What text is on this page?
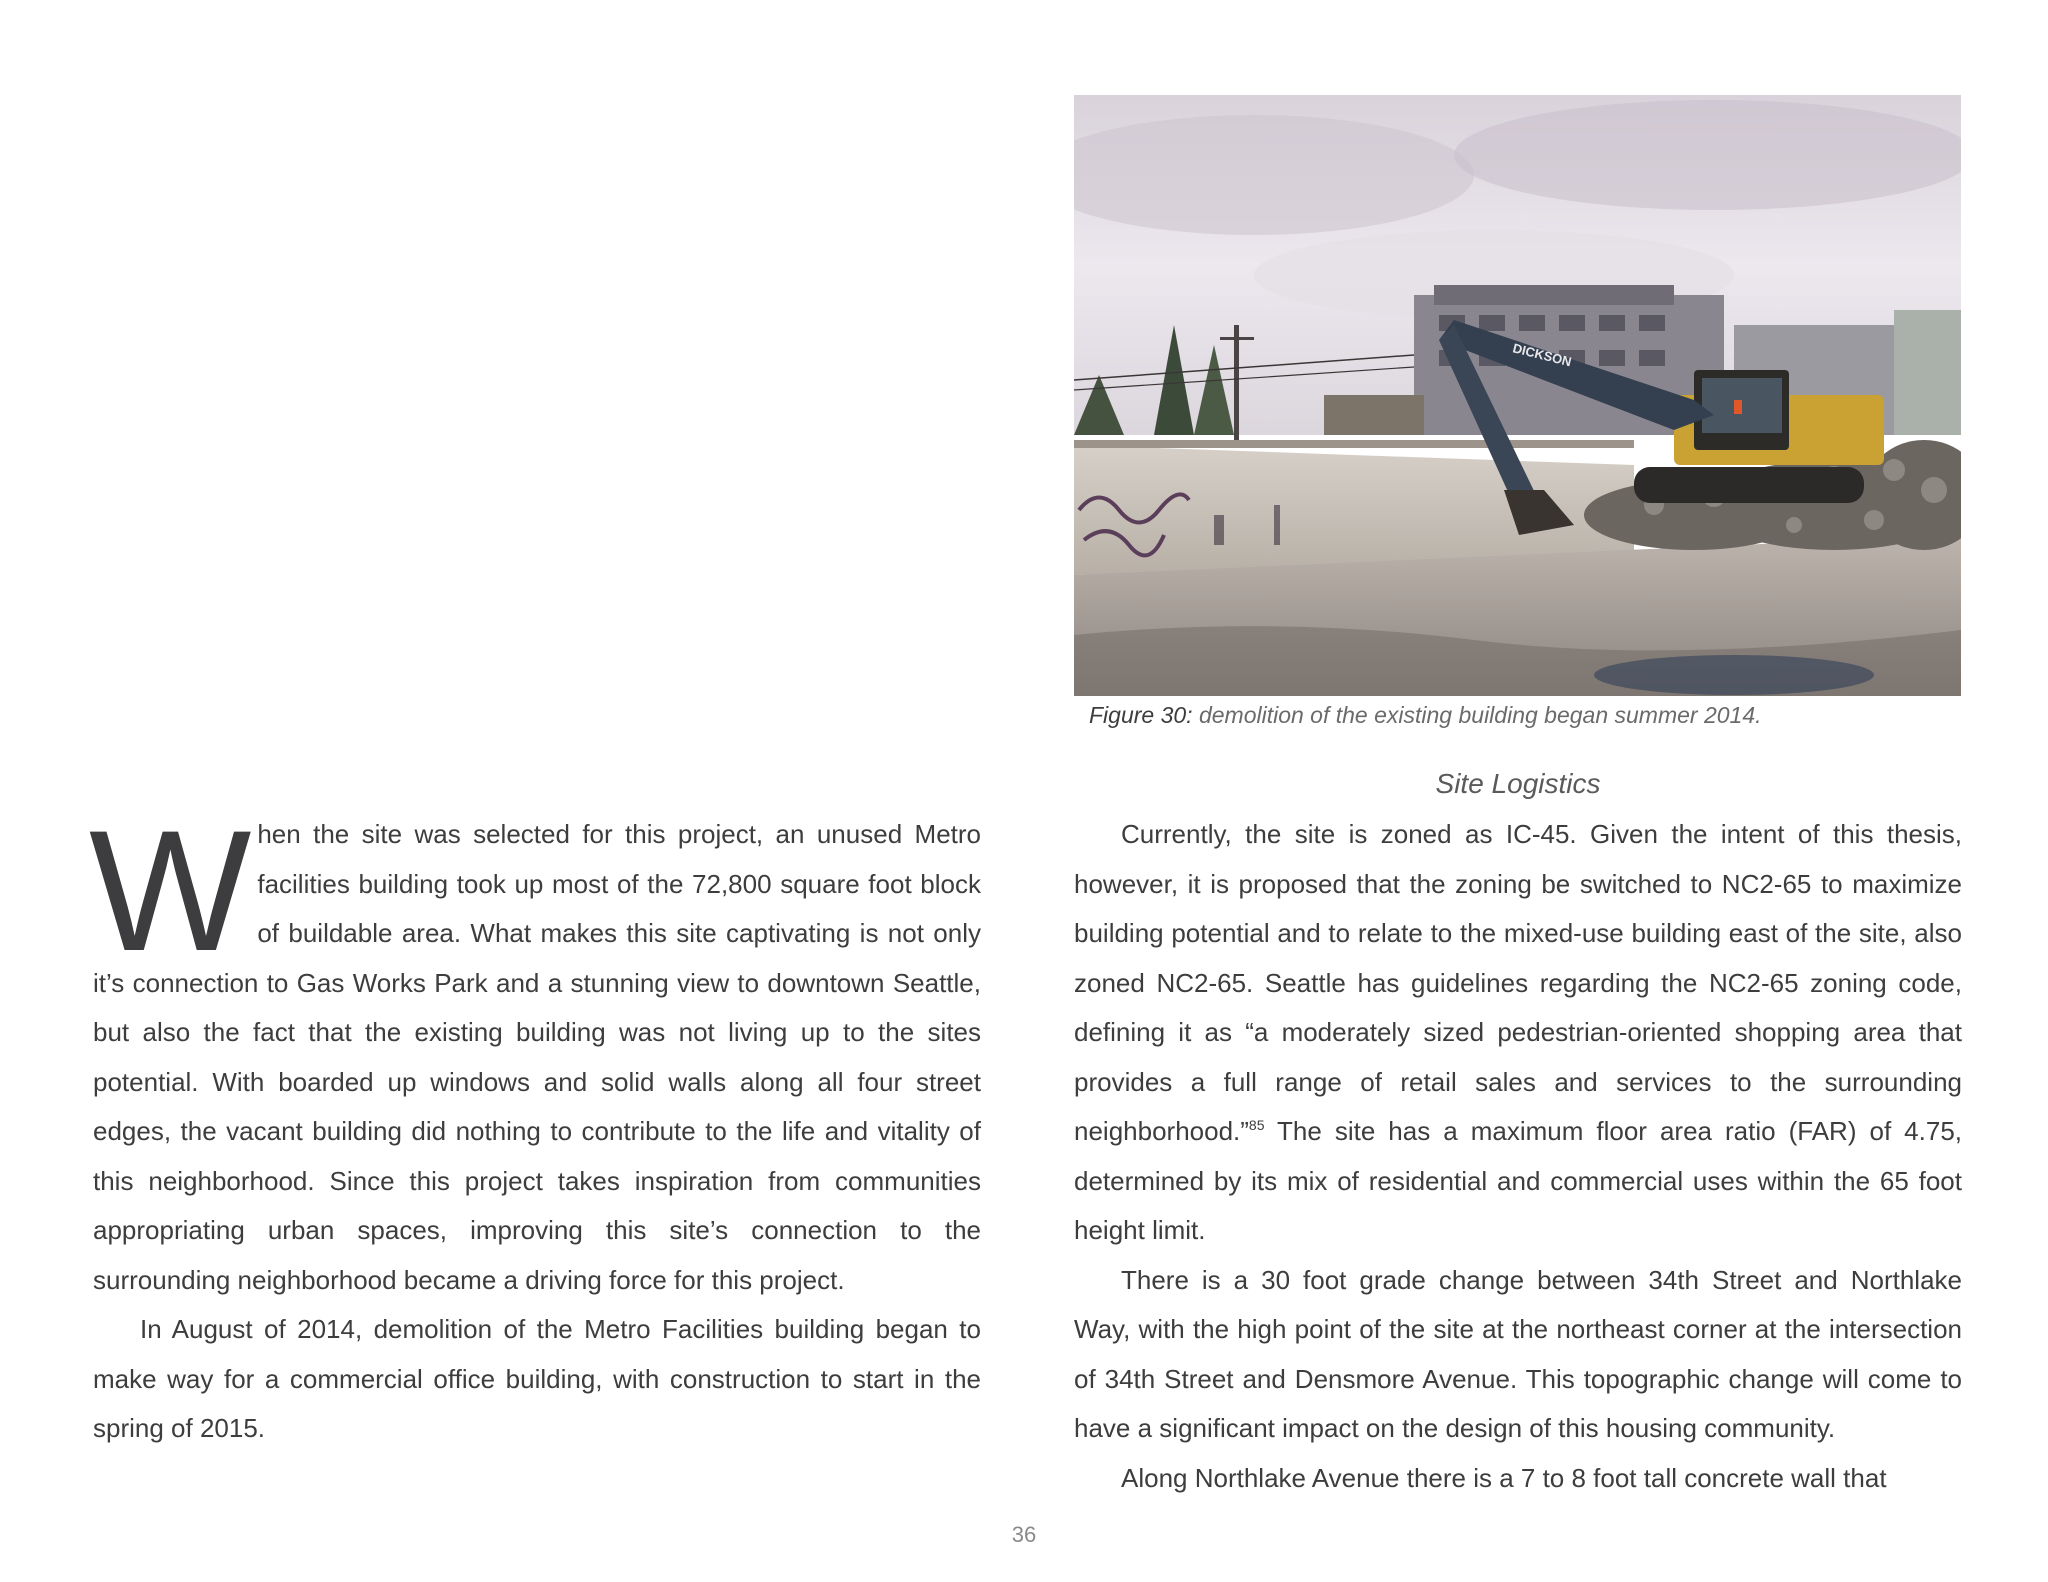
DICKSON
Figure 30: demolition of the existing building began summer 2014.

When the site was selected for this project, an unused Metro facilities building took up most of the 72,800 square foot block of buildable area. What makes this site captivating is not only it’s connection to Gas Works Park and a stunning view to downtown Seattle, but also the fact that the existing building was not living up to the sites potential. With boarded up windows and solid walls along all four street edges, the vacant building did nothing to contribute to the life and vitality of this neighborhood. Since this project takes inspiration from communities appropriating urban spaces, improving this site’s connection to the surrounding neighborhood became a driving force for this project.

In August of 2014, demolition of the Metro Facilities building began to make way for a commercial office building, with construction to start in the spring of 2015.

Site Logistics

Currently, the site is zoned as IC-45. Given the intent of this thesis, however, it is proposed that the zoning be switched to NC2-65 to maximize building potential and to relate to the mixed-use building east of the site, also zoned NC2-65. Seattle has guidelines regarding the NC2-65 zoning code, defining it as “a moderately sized pedestrian-oriented shopping area that provides a full range of retail sales and services to the surrounding neighborhood.”$^{85}$ The site has a maximum floor area ratio (FAR) of 4.75, determined by its mix of residential and commercial uses within the 65 foot height limit.

There is a 30 foot grade change between 34th Street and Northlake Way, with the high point of the site at the northeast corner at the intersection of 34th Street and Densmore Avenue. This topographic change will come to have a significant impact on the design of this housing community.

Along Northlake Avenue there is a 7 to 8 foot tall concrete wall that

36
